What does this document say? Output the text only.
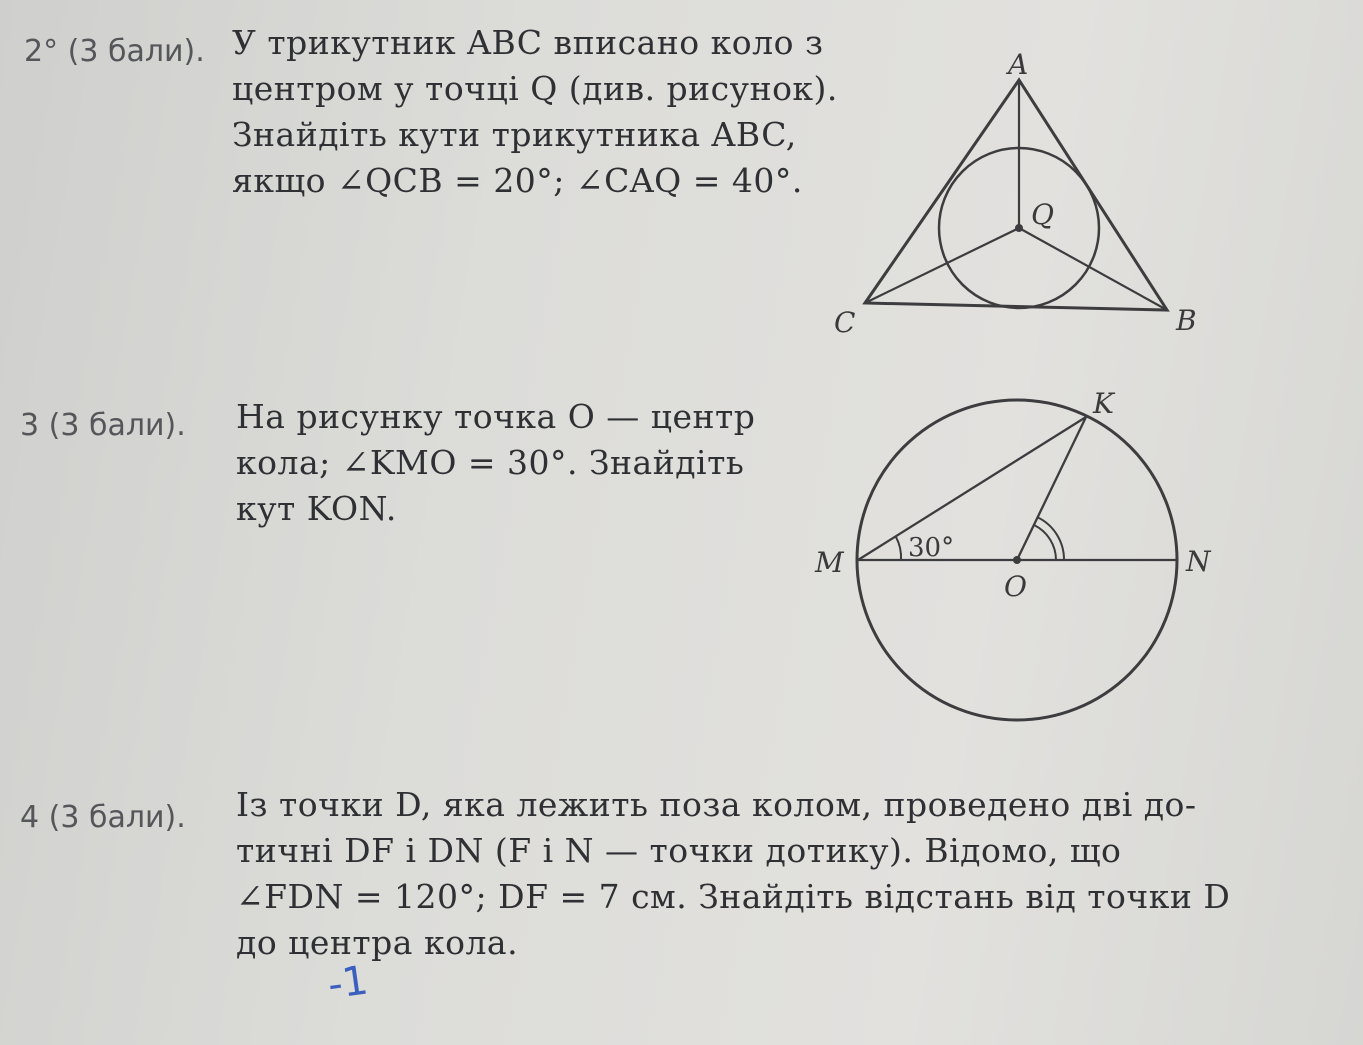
2° (3 бали). У трикутник ABC вписано коло з

центром у точці Q (див. рисунок).

Знайдіть кути трикутника ABC,

якщо ∠QCB = 20°; ∠CAQ = 40°.

A
Q
C	B
3 (3 бали). На рисунку точка O — центр

кола; ∠KMO = 30°. Знайдіть

кут KON.

K
M	N
O
30°
4 (3 бали). Із точки D, яка лежить поза колом, проведено дві до-

тичні DF і DN (F і N — точки дотику). Відомо, що

∠FDN = 120°; DF = 7 см. Знайдіть відстань від точки D

до центра кола.

-1
